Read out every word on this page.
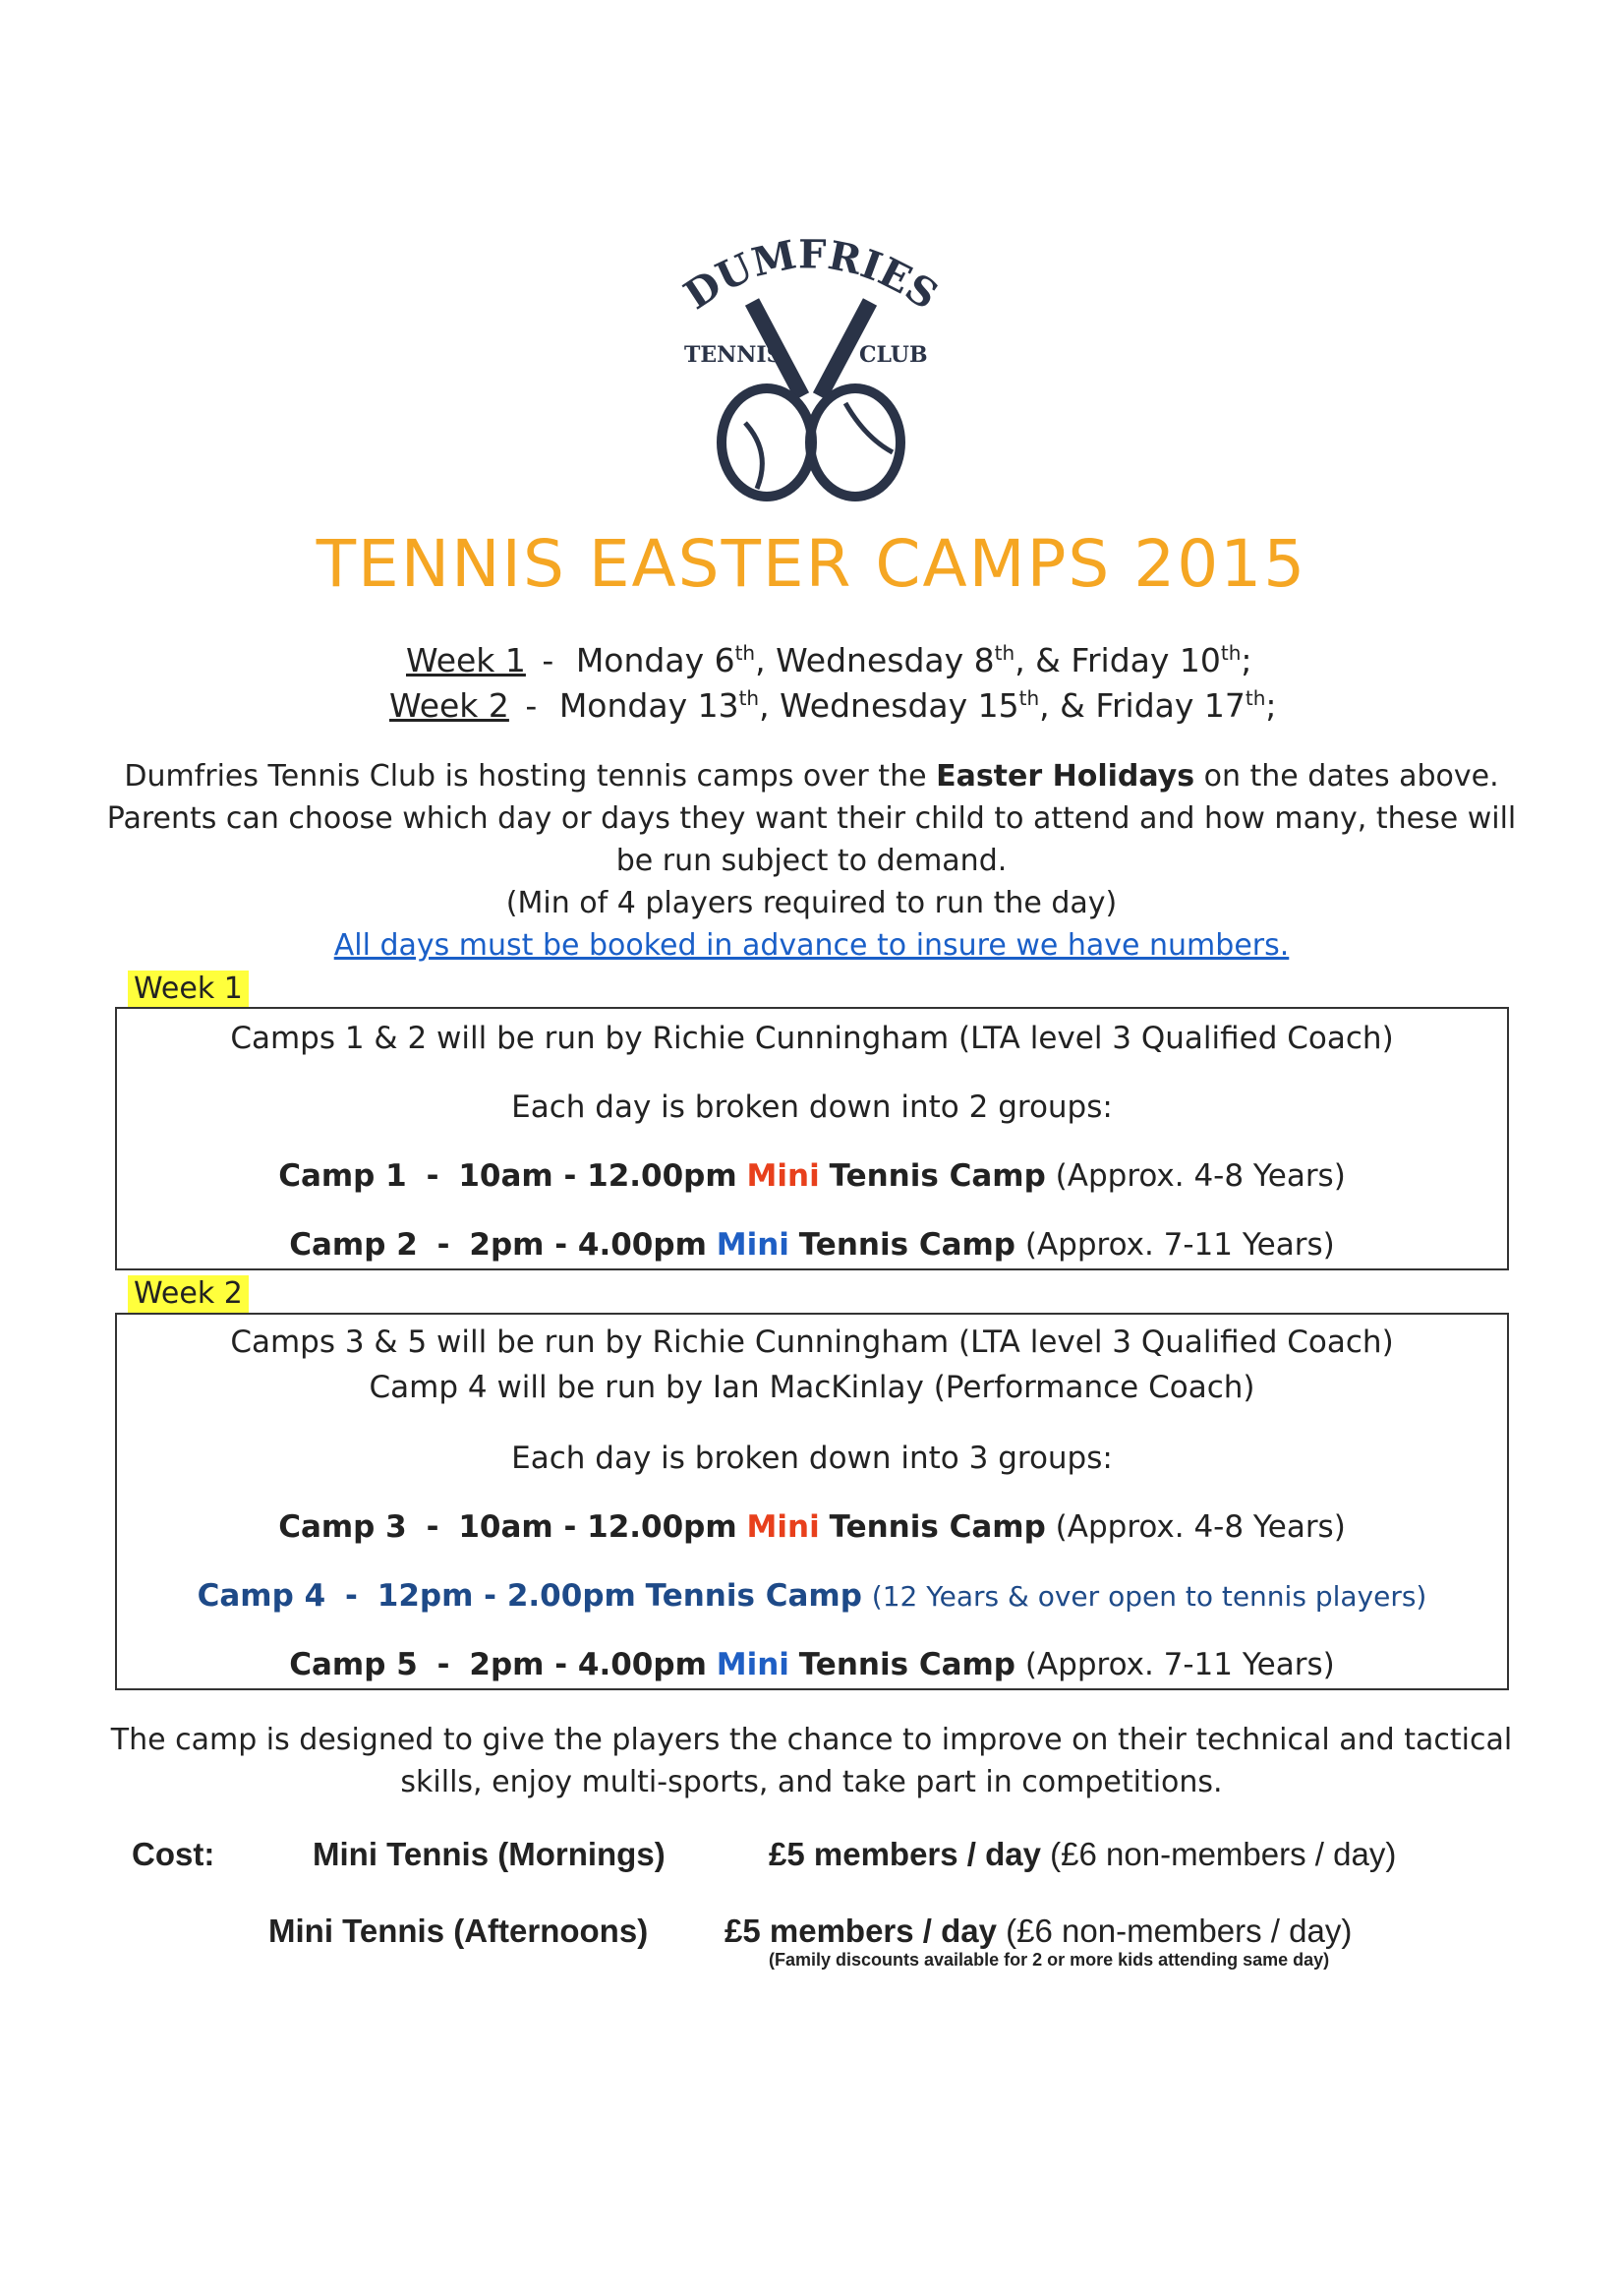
DUMFRIES
TENNIS	CLUB
TENNIS EASTER CAMPS 2015
Week 1 - Monday 6th, Wednesday 8th, & Friday 10th;
Week 2 - Monday 13th, Wednesday 15th, & Friday 17th;
Dumfries Tennis Club is hosting tennis camps over the Easter Holidays on the dates above.
Parents can choose which day or days they want their child to attend and how many, these will
be run subject to demand.
(Min of 4 players required to run the day)
All days must be booked in advance to insure we have numbers.
Week 1
Camps 1 & 2 will be run by Richie Cunningham (LTA level 3 Qualified Coach)
Each day is broken down into 2 groups:
Camp 1 - 10am - 12.00pm Mini Tennis Camp (Approx. 4-8 Years)
Camp 2 - 2pm - 4.00pm Mini Tennis Camp (Approx. 7-11 Years)
Week 2
Camps 3 & 5 will be run by Richie Cunningham (LTA level 3 Qualified Coach)
Camp 4 will be run by Ian MacKinlay (Performance Coach)
Each day is broken down into 3 groups:
Camp 3 - 10am - 12.00pm Mini Tennis Camp (Approx. 4-8 Years)
Camp 4 - 12pm - 2.00pm Tennis Camp (12 Years & over open to tennis players)
Camp 5 - 2pm - 4.00pm Mini Tennis Camp (Approx. 7-11 Years)
The camp is designed to give the players the chance to improve on their technical and tactical
skills, enjoy multi-sports, and take part in competitions.
Cost:	Mini Tennis (Mornings)	£5 members / day (£6 non-members / day)
Mini Tennis (Afternoons) £5 members / day (£6 non-members / day)
(Family discounts available for 2 or more kids attending same day)
